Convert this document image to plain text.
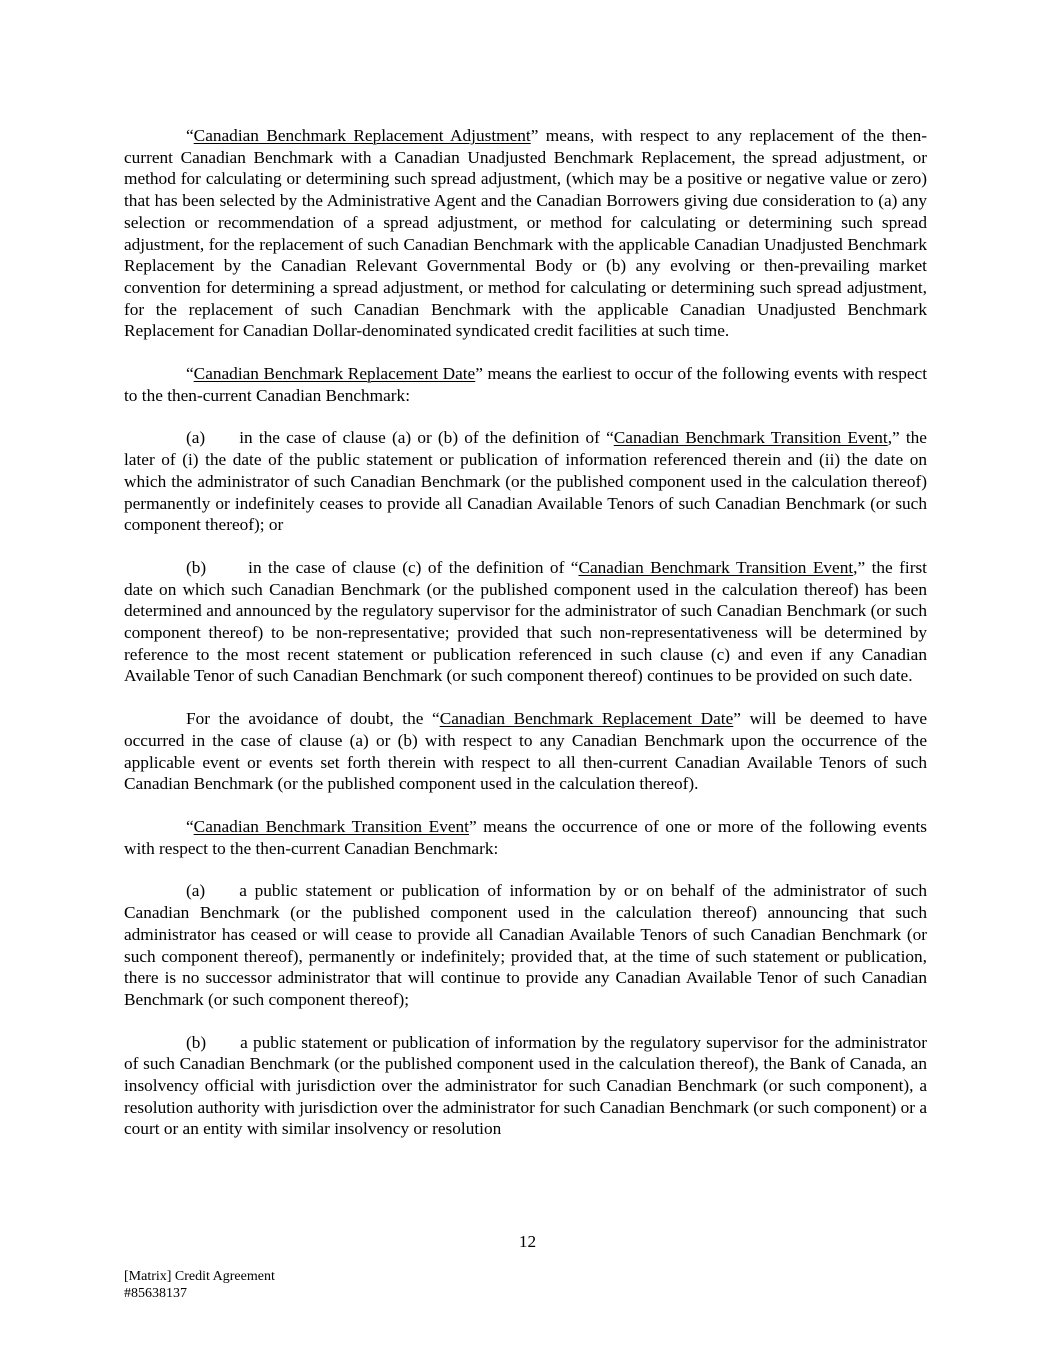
“Canadian Benchmark Replacement Adjustment” means, with respect to any replacement of the then-current Canadian Benchmark with a Canadian Unadjusted Benchmark Replacement, the spread adjustment, or method for calculating or determining such spread adjustment, (which may be a positive or negative value or zero) that has been selected by the Administrative Agent and the Canadian Borrowers giving due consideration to (a) any selection or recommendation of a spread adjustment, or method for calculating or determining such spread adjustment, for the replacement of such Canadian Benchmark with the applicable Canadian Unadjusted Benchmark Replacement by the Canadian Relevant Governmental Body or (b) any evolving or then-prevailing market convention for determining a spread adjustment, or method for calculating or determining such spread adjustment, for the replacement of such Canadian Benchmark with the applicable Canadian Unadjusted Benchmark Replacement for Canadian Dollar-denominated syndicated credit facilities at such time.

“Canadian Benchmark Replacement Date” means the earliest to occur of the following events with respect to the then-current Canadian Benchmark:

(a) in the case of clause (a) or (b) of the definition of “Canadian Benchmark Transition Event,” the later of (i) the date of the public statement or publication of information referenced therein and (ii) the date on which the administrator of such Canadian Benchmark (or the published component used in the calculation thereof) permanently or indefinitely ceases to provide all Canadian Available Tenors of such Canadian Benchmark (or such component thereof); or

(b) in the case of clause (c) of the definition of “Canadian Benchmark Transition Event,” the first date on which such Canadian Benchmark (or the published component used in the calculation thereof) has been determined and announced by the regulatory supervisor for the administrator of such Canadian Benchmark (or such component thereof) to be non-representative; provided that such non-representativeness will be determined by reference to the most recent statement or publication referenced in such clause (c) and even if any Canadian Available Tenor of such Canadian Benchmark (or such component thereof) continues to be provided on such date.

For the avoidance of doubt, the “Canadian Benchmark Replacement Date” will be deemed to have occurred in the case of clause (a) or (b) with respect to any Canadian Benchmark upon the occurrence of the applicable event or events set forth therein with respect to all then-current Canadian Available Tenors of such Canadian Benchmark (or the published component used in the calculation thereof).

“Canadian Benchmark Transition Event” means the occurrence of one or more of the following events with respect to the then-current Canadian Benchmark:

(a) a public statement or publication of information by or on behalf of the administrator of such Canadian Benchmark (or the published component used in the calculation thereof) announcing that such administrator has ceased or will cease to provide all Canadian Available Tenors of such Canadian Benchmark (or such component thereof), permanently or indefinitely; provided that, at the time of such statement or publication, there is no successor administrator that will continue to provide any Canadian Available Tenor of such Canadian Benchmark (or such component thereof);

(b) a public statement or publication of information by the regulatory supervisor for the administrator of such Canadian Benchmark (or the published component used in the calculation thereof), the Bank of Canada, an insolvency official with jurisdiction over the administrator for such Canadian Benchmark (or such component), a resolution authority with jurisdiction over the administrator for such Canadian Benchmark (or such component) or a court or an entity with similar insolvency or resolution

12
[Matrix] Credit Agreement
#85638137
